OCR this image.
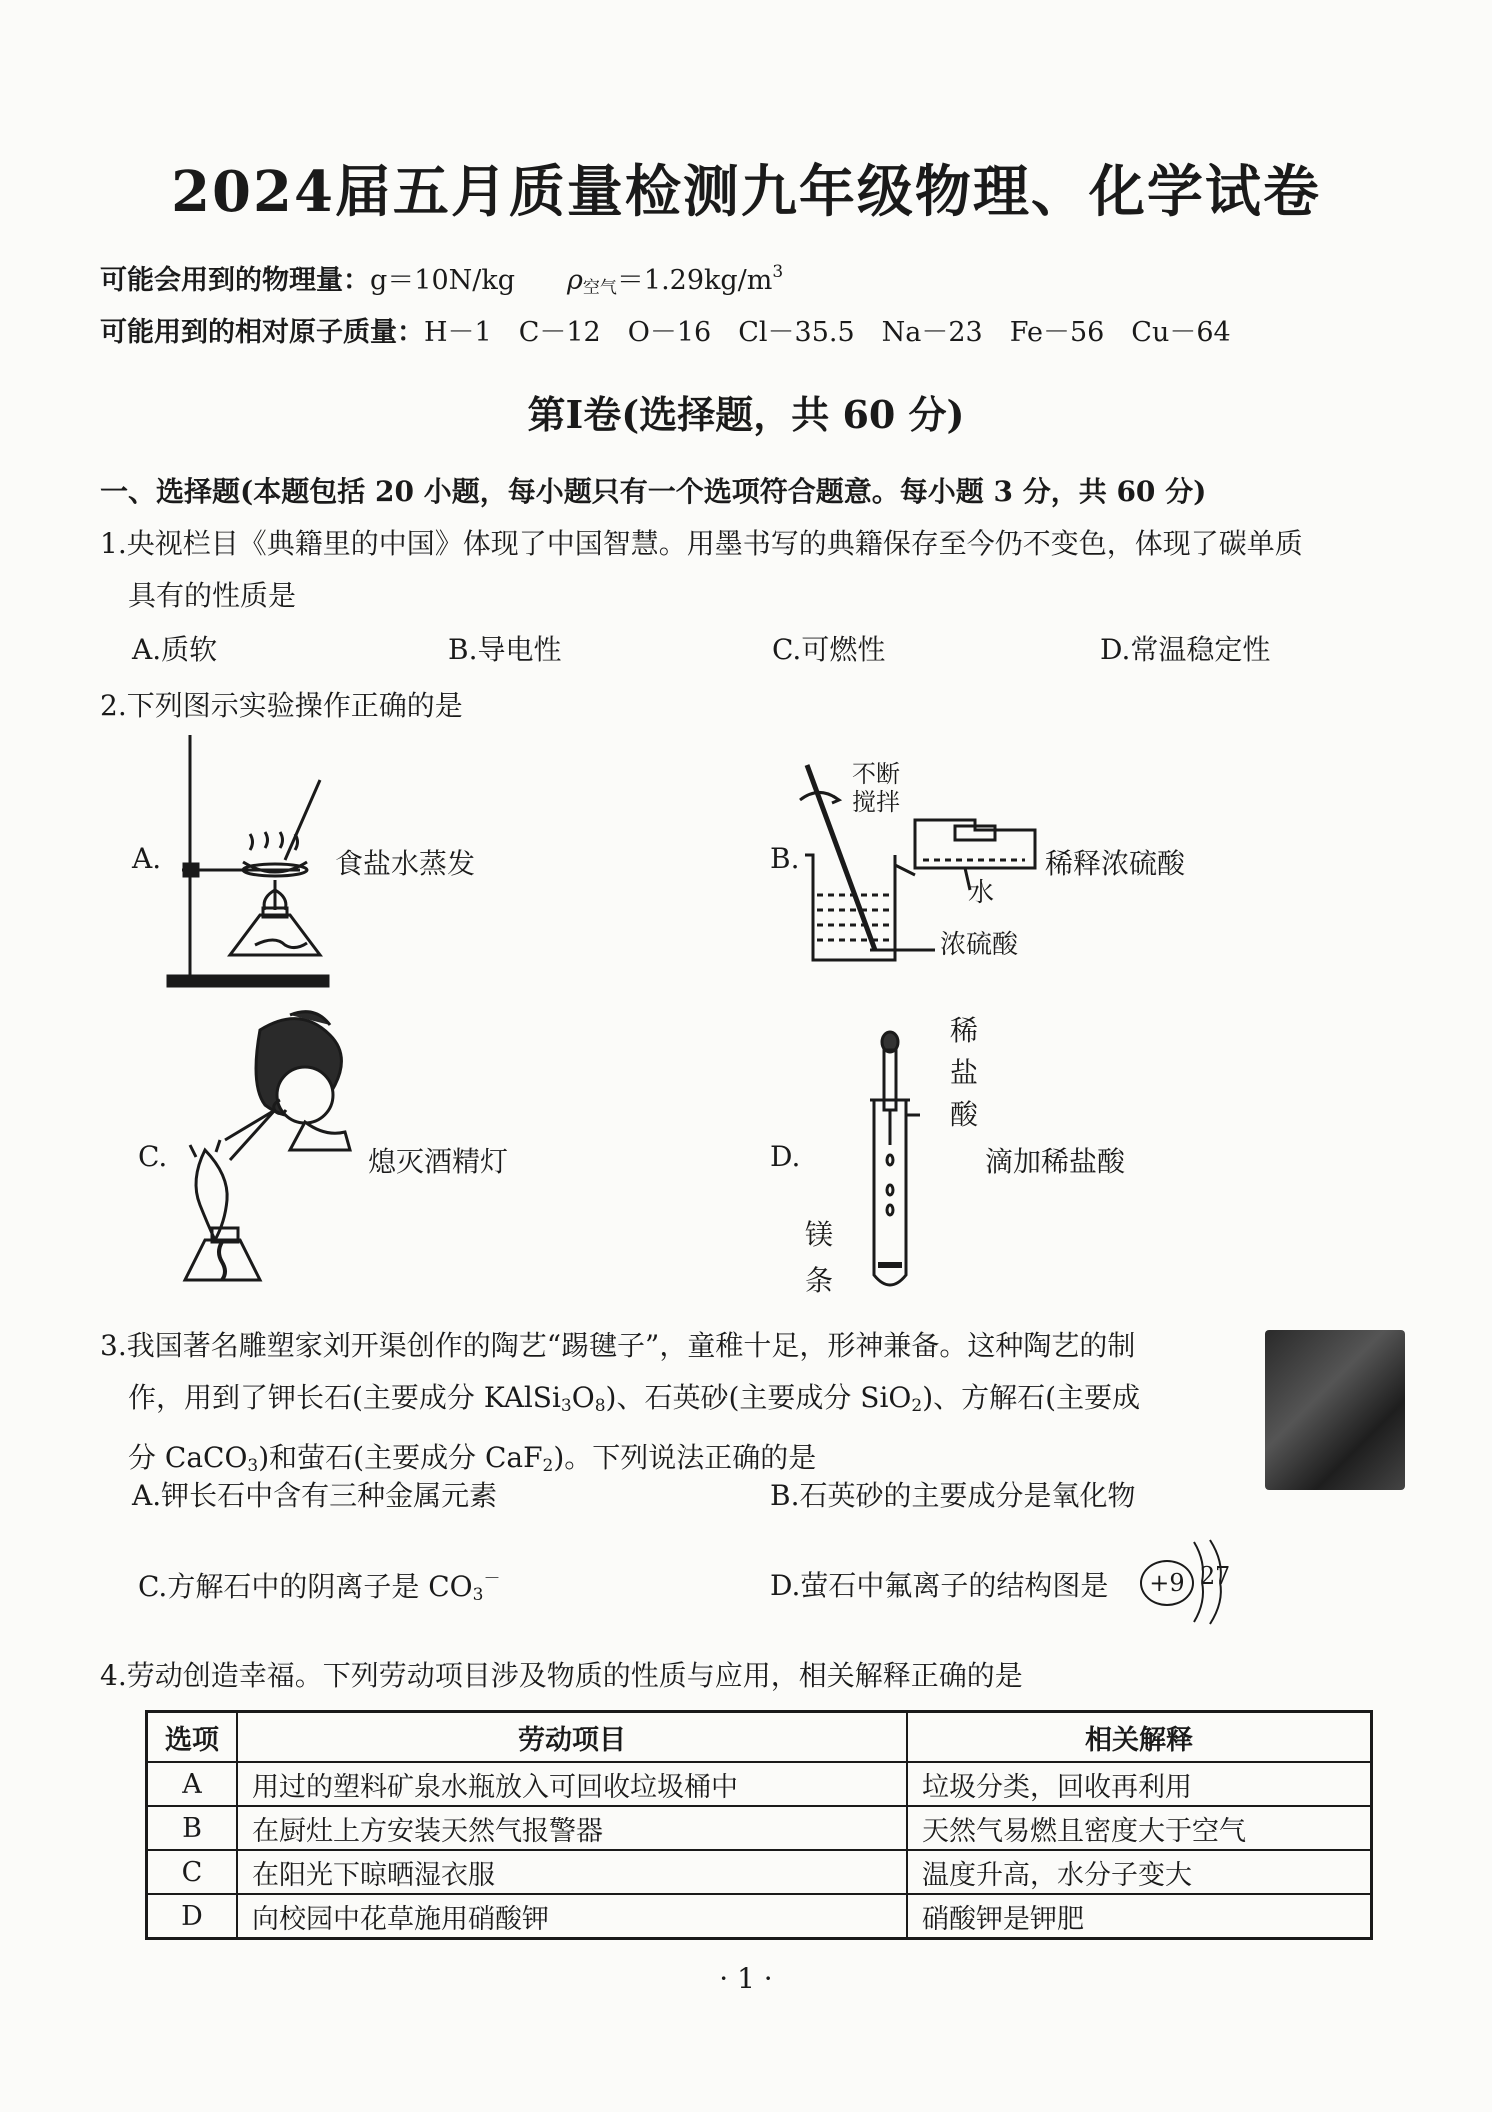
2024届五月质量检测九年级物理、化学试卷
可能会用到的物理量：g＝10N/kg $\rho_{空气}=1.29kg/m^3$
可能用到的相对原子质量：H－1　C－12　O－16　Cl－35.5　Na－23　Fe－56　Cu－64
第Ⅰ卷(选择题，共 60 分)
一、选择题(本题包括 20 小题，每小题只有一个选项符合题意。每小题 3 分，共 60 分)
1.央视栏目《典籍里的中国》体现了中国智慧。用墨书写的典籍保存至今仍不变色，体现了碳单质
具有的性质是
A.质软	B.导电性	C.可燃性	D.常温稳定性
2.下列图示实验操作正确的是
A.	食盐水蒸发	B.	稀释浓硫酸
不断
搅拌
水
浓硫酸
C.	熄灭酒精灯	D.	滴加稀盐酸
稀
盐
酸
镁
条
3.我国著名雕塑家刘开渠创作的陶艺“踢毽子”，童稚十足，形神兼备。这种陶艺的制
作，用到了钾长石(主要成分 $KAlSi_3O_8$)、石英砂(主要成分 SiO$_2$)、方解石(主要成
分 CaCO$_3$)和萤石(主要成分 CaF$_2$)。下列说法正确的是
A.钾长石中含有三种金属元素	B.石英砂的主要成分是氧化物
C.方解石中的阴离子是 $CO_3^-$	D.萤石中氟离子的结构图是	+9 2 7
4.劳动创造幸福。下列劳动项目涉及物质的性质与应用，相关解释正确的是
选项	劳动项目	相关解释
A	用过的塑料矿泉水瓶放入可回收垃圾桶中	垃圾分类，回收再利用
B	在厨灶上方安装天然气报警器	天然气易燃且密度大于空气
C	在阳光下晾晒湿衣服	温度升高，水分子变大
D	向校园中花草施用硝酸钾	硝酸钾是钾肥
· 1 ·
